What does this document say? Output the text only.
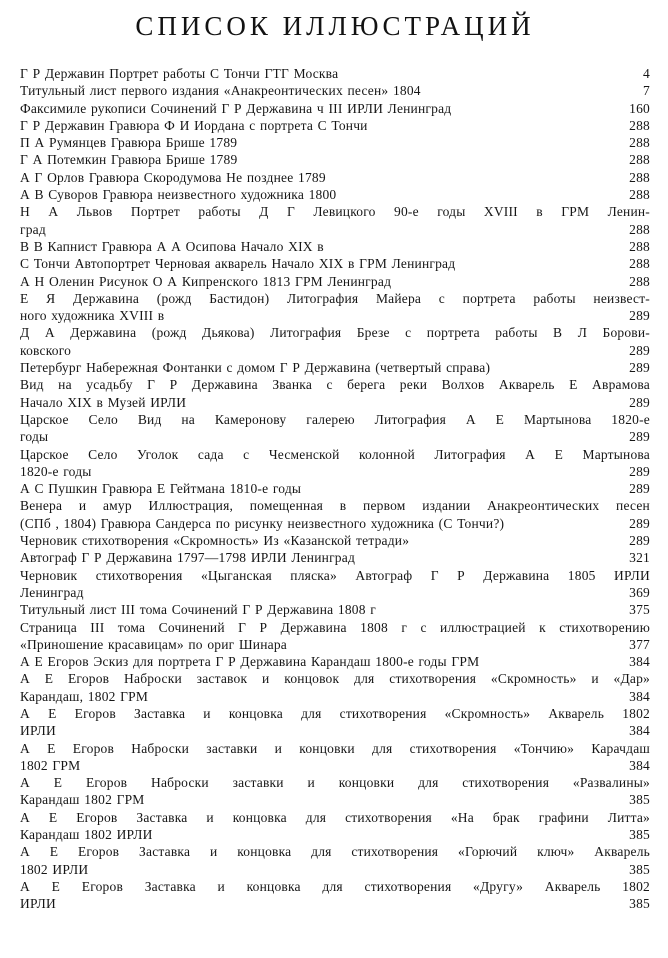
СПИСОК ИЛЛЮСТРАЦИЙ
Г Р Державин Портрет работы С Тончи ГТГ Москва	4
Титульный лист первого издания «Анакреонтических песен» 1804	7
Факсимиле рукописи Сочинений Г Р Державина ч III ИРЛИ Ленинград	160
Г Р Державин Гравюра Ф И Иордана с портрета С Тончи	288
П А Румянцев Гравюра Брише 1789	288
Г А Потемкин Гравюра Брише 1789	288
А Г Орлов Гравюра Скородумова Не позднее 1789	288
А В Суворов Гравюра неизвестного художника 1800	288
Н А Львов Портрет работы Д Г Левицкого 90-е годы XVIII в ГРМ Ленин-
град	288
В В Капнист Гравюра А А Осипова Начало XIX в	288
С Тончи Автопортрет Черновая акварель Начало XIX в ГРМ Ленинград	288
А Н Оленин Рисунок О А Кипренского 1813 ГРМ Ленинград	288
Е Я Державина (рожд Бастидон) Литография Майера с портрета работы неизвест-
ного художника XVIII в	289
Д А Державина (рожд Дьякова) Литография Брезе с портрета работы В Л Борови-
ковского	289
Петербург Набережная Фонтанки с домом Г Р Державина (четвертый справа)	289
Вид на усадьбу Г Р Державина Званка с берега реки Волхов Акварель Е Аврамова
Начало XIX в Музей ИРЛИ	289
Царское Село Вид на Камеронову галерею Литография А Е Мартынова 1820-е
годы	289
Царское Село Уголок сада с Чесменской колонной Литография А Е Мартынова
1820-е годы	289
А С Пушкин Гравюра Е Гейтмана 1810-е годы	289
Венера и амур Иллюстрация, помещенная в первом издании Анакреонтических песен
(СПб , 1804) Гравюра Сандерса по рисунку неизвестного художника (С Тончи?)	289
Черновик стихотворения «Скромность» Из «Казанской тетради»	289
Автограф Г Р Державина 1797—1798 ИРЛИ Ленинград	321
Черновик стихотворения «Цыганская пляска» Автограф Г Р Державина 1805 ИРЛИ
Ленинград	369
Титульный лист III тома Сочинений Г Р Державина 1808 г	375
Страница III тома Сочинений Г Р Державина 1808 г с иллюстрацией к стихотворению
«Приношение красавицам» по ориг Шинара	377
А Е Егоров Эскиз для портрета Г Р Державина Карандаш 1800-е годы ГРМ	384
А Е Егоров Наброски заставок и концовок для стихотворения «Скромность» и «Дар»
Карандаш, 1802 ГРМ	384
А Е Егоров Заставка и концовка для стихотворения «Скромность» Акварель 1802
ИРЛИ	384
А Е Егоров Наброски заставки и концовки для стихотворения «Тончию» Карачдаш
1802 ГРМ	384
А Е Егоров Наброски заставки и концовки для стихотворения «Развалины»
Карандаш 1802 ГРМ	385
А Е Егоров Заставка и концовка для стихотворения «На брак графини Литта»
Карандаш 1802 ИРЛИ	385
А Е Егоров Заставка и концовка для стихотворения «Горючий ключ» Акварель
1802 ИРЛИ	385
А Е Егоров Заставка и концовка для стихотворения «Другу» Акварель 1802
ИРЛИ	385
